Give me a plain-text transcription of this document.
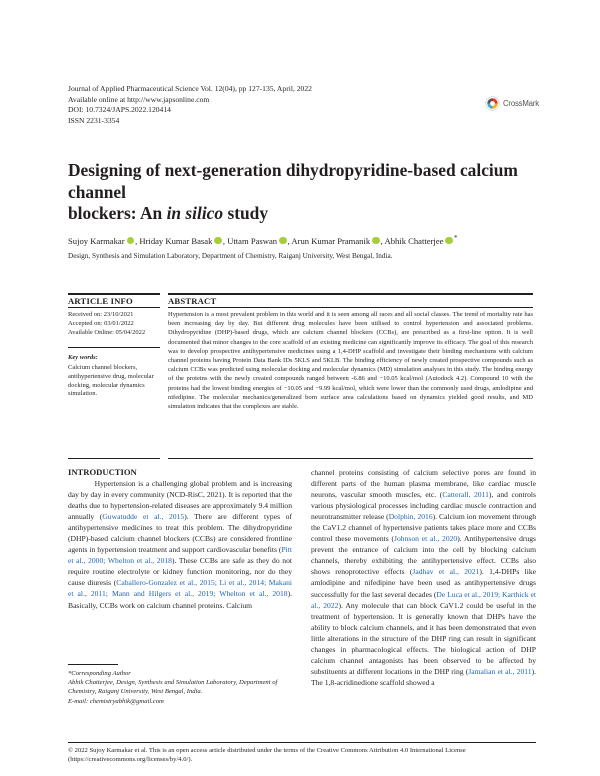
Journal of Applied Pharmaceutical Science Vol. 12(04), pp 127-135, April, 2022
Available online at http://www.japsonline.com
DOI: 10.7324/JAPS.2022.120414
ISSN 2231-3354
CrossMark
Designing of next-generation dihydropyridine-based calcium channel
blockers: An in silico study
Sujoy Karmakar , Hriday Kumar Basak , Uttam Paswan , Arun Kumar Pramanik , Abhik Chatterjee *
Design, Synthesis and Simulation Laboratory, Department of Chemistry, Raiganj University, West Bengal, India.
ARTICLE INFO	ABSTRACT
Received on: 23/10/2021
Accepted on: 03/01/2022
Available Online: 05/04/2022
Key words:
Calcium channel blockers, antihypertensive drug, molecular docking, molecular dynamics simulation.
Hypertension is a most prevalent problem in this world and it is seen among all races and all social classes. The trend of mortality rate has been increasing day by day. But different drug molecules have been utilised to control hypertension and associated problems. Dihydropyridine (DHP)-based drugs, which are calcium channel blockers (CCBs), are prescribed as a first-line option. It is well documented that minor changes to the core scaffold of an existing medicine can significantly improve its efficacy. The goal of this research was to develop prospective antihypertensive medicines using a 1,4-DHP scaffold and investigate their binding mechanisms with calcium channel proteins having Protein Data Bank IDs 5KLS and 5KLB. The binding efficiency of newly created prospective compounds such as calcium CCBs was predicted using molecular docking and molecular dynamics (MD) simulation analyses in this study. The binding energy of the proteins with the newly created compounds ranged between -6.86 and −10.05 kcal/mol (Autodock 4.2). Compound 10 with the proteins had the lowest binding energies of −10.05 and −9.99 kcal/mol, which were lower than the commonly used drugs, amlodipine and nifedipine. The molecular mechanics/generalized born surface area calculations based on dynamics yielded good results, and MD simulation indicates that the complexes are stable.
INTRODUCTION
Hypertension is a challenging global problem and is increasing day by day in every community (NCD-RisC, 2021). It is reported that the deaths due to hypertension-related diseases are approximately 9.4 million annually (Guwatudde et al., 2015). There are different types of antihypertensive medicines to treat this problem. The dihydropyridine (DHP)-based calcium channel blockers (CCBs) are considered frontline agents in hypertension treatment and support cardiovascular benefits (Pitt et al., 2000; Whelton et al., 2018). These CCBs are safe as they do not require routine electrolyte or kidney function monitoring, nor do they cause diuresis (Caballero-Gonzalez et al., 2015; Li et al., 2014; Makani et al., 2011; Mann and Hilgers et al., 2019; Whelton et al., 2018). Basically, CCBs work on calcium channel proteins. Calcium
channel proteins consisting of calcium selective pores are found in different parts of the human plasma membrane, like cardiac muscle neurons, vascular smooth muscles, etc. (Catterall, 2011), and controls various physiological processes including cardiac muscle contraction and neurotransmitter release (Dolphin, 2016). Calcium ion movement through the CaV1.2 channel of hypertensive patients takes place more and CCBs control these movements (Johnson et al., 2020). Antihypertensive drugs prevent the entrance of calcium into the cell by blocking calcium channels, thereby exhibiting the antihypertensive effect. CCBs also shows renoprotective effects (Jadhav et al., 2021). 1,4-DHPs like amlodipine and nifedipine have been used as antihypertensive drugs successfully for the last several decades (De Luca et al., 2019; Karthick et al., 2022). Any molecule that can block CaV1.2 could be useful in the treatment of hypertension. It is generally known that DHPs have the ability to block calcium channels, and it has been demonstrated that even little alterations in the structure of the DHP ring can result in significant changes in pharmacological effects. The biological action of DHP calcium channel antagonists has been observed to be affected by substituents at different locations in the DHP ring (Jamalian et al., 2011). The 1,8-acridinedione scaffold showed a
*Corresponding Author
Abhik Chatterjee, Design, Synthesis and Simulation Laboratory, Department of Chemistry, Raiganj University, West Bengal, India.
E-mail: chemistryabhik@gmail.com
© 2022 Sujoy Karmakar et al. This is an open access article distributed under the terms of the Creative Commons Attribution 4.0 International License (https://creativecommons.org/licenses/by/4.0/).
